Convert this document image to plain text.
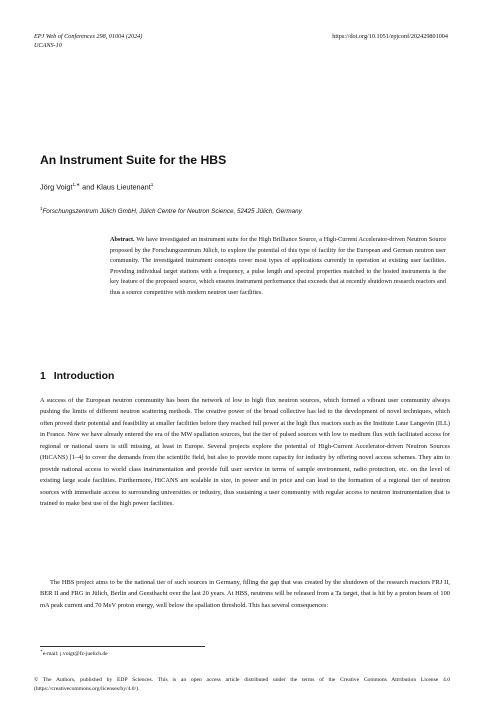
EPJ Web of Conferences 298, 01004 (2024)
UCANS-10
https://doi.org/10.1051/epjconf/202429801004
An Instrument Suite for the HBS
Jörg Voigt$^{1,∗}$ and Klaus Lieutenant$^1$
$^1$Forschungszentrum Jülich GmbH, Jülich Centre for Neutron Science, 52425 Jülich, Germany
Abstract. We have investigated an instrument suite for the High Brilliance Source, a High-Current Accelerator-driven Neutron Source proposed by the Forschungszentrum Jülich, to explore the potential of this type of facility for the European and German neutron user community. The investigated instrument concepts cover most types of applications currently in operation at existing user facilities. Providing individual target stations with a frequency, a pulse length and spectral properties matched to the hosted instruments is the key feature of the proposed source, which ensures instrument performance that exceeds that at recently shutdown research reactors and thus a source competitive with modern neutron user facilities.
1 Introduction

A success of the European neutron community has been the network of low to high flux neutron sources, which formed a vibrant user community always pushing the limits of different neutron scattering methods. The creative power of the broad collective has led to the development of novel techniques, which often proved their potential and feasibility at smaller facilities before they reached full power at the high flux reactors such as the Institute Laue Langevin (ILL) in France. Now we have already entered the era of the MW spallation sources, but the tier of pulsed sources with low to medium flux with facilitated access for regional or national users is still missing, at least in Europe. Several projects explore the potential of High-Current Accelerator-driven Neutron Sources (HiCANS) [1–4] to cover the demands from the scientific field, but also to provide more capacity for industry by offering novel access schemes. They aim to provide national access to world class instrumentation and provide full user service in terms of sample environment, radio protection, etc. on the level of existing large scale facilities. Furthermore, HiCANS are scalable in size, in power and in price and can lead to the formation of a regional tier of neutron sources with immediate access to surrounding universities or industry, thus sustaining a user community with regular access to neutron instrumentation that is trained to make best use of the high power facilities.

The HBS project aims to be the national tier of such sources in Germany, filling the gap that was created by the shutdown of the research reactors FRJ II, BER II and FRG in Jülich, Berlin and Geesthacht over the last 20 years. At HBS, neutrons will be released from a Ta target, that is hit by a proton beam of 100 mA peak current and 70 MeV proton energy, well below the spallation threshold. This has several consequences:

∗e-mail: j.voigt@fz-juelich.de
© The Authors, published by EDP Sciences. This is an open access article distributed under the terms of the Creative Commons Attribution License 4.0 (https://creativecommons.org/licenses/by/4.0/).
